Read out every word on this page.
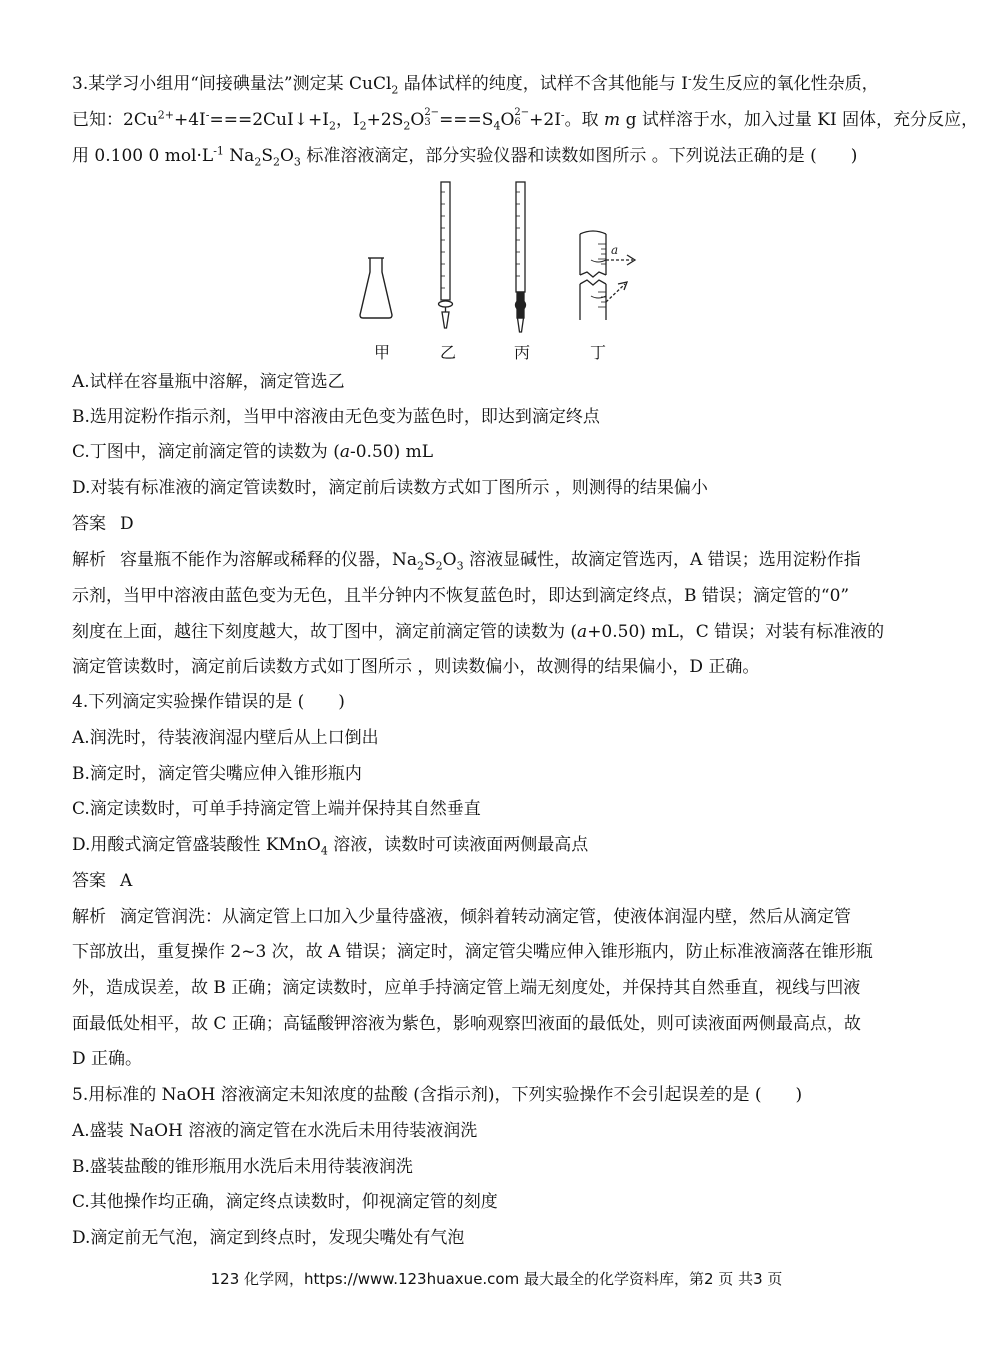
3.某学习小组用“间接碘量法”测定某 CuCl$_2$ 晶体试样的纯度，试样不含其他能与 I-发生反应的氧化性杂质，
已知：$2Cu^{2+}+4I^-===2CuI↓+I_2$，$I_2+2S_2O$ 2−
$3 ===S_4O$ 2−
6 +2I-。取 m g 试样溶于水，加入过量 KI 固体，充分反应，
用 0.100 0 $mol\cdot L^{-1}$ $Na_2S_2O_3$ 标准溶液滴定，部分实验仪器和读数如图所示 。下列说法正确的是 (　　)
a
甲	乙	丙	丁
A.试样在容量瓶中溶解，滴定管选乙
B.选用淀粉作指示剂，当甲中溶液由无色变为蓝色时，即达到滴定终点
C.丁图中，滴定前滴定管的读数为 (a-0.50) mL
D.对装有标准液的滴定管读数时，滴定前后读数方式如丁图所示 ，则测得的结果偏小
答案 D
解析 容量瓶不能作为溶解或稀释的仪器，$Na_2S_2O_3$ 溶液显碱性，故滴定管选丙，A 错误；选用淀粉作指
示剂，当甲中溶液由蓝色变为无色，且半分钟内不恢复蓝色时，即达到滴定终点，B 错误；滴定管的“0”
刻度在上面，越往下刻度越大，故丁图中，滴定前滴定管的读数为 (a+0.50) mL，C 错误；对装有标准液的
滴定管读数时，滴定前后读数方式如丁图所示 ，则读数偏小，故测得的结果偏小，D 正确。
4.下列滴定实验操作错误的是 (　　)
A.润洗时，待装液润湿内壁后从上口倒出
B.滴定时，滴定管尖嘴应伸入锥形瓶内
C.滴定读数时，可单手持滴定管上端并保持其自然垂直
D.用酸式滴定管盛装酸性 KMnO$_4$ 溶液，读数时可读液面两侧最高点
答案 A
解析 滴定管润洗：从滴定管上口加入少量待盛液，倾斜着转动滴定管，使液体润湿内壁，然后从滴定管
下部放出，重复操作 2~3 次，故 A 错误；滴定时，滴定管尖嘴应伸入锥形瓶内，防止标准液滴落在锥形瓶
外，造成误差，故 B 正确；滴定读数时，应单手持滴定管上端无刻度处，并保持其自然垂直，视线与凹液
面最低处相平，故 C 正确；高锰酸钾溶液为紫色，影响观察凹液面的最低处，则可读液面两侧最高点，故
D 正确。
5.用标准的 NaOH 溶液滴定未知浓度的盐酸 (含指示剂)，下列实验操作不会引起误差的是 (　　)
A.盛装 NaOH 溶液的滴定管在水洗后未用待装液润洗
B.盛装盐酸的锥形瓶用水洗后未用待装液润洗
C.其他操作均正确，滴定终点读数时，仰视滴定管的刻度
D.滴定前无气泡，滴定到终点时，发现尖嘴处有气泡
123 化学网，https://www.123huaxue.com 最大最全的化学资料库，第2 页 共3 页
